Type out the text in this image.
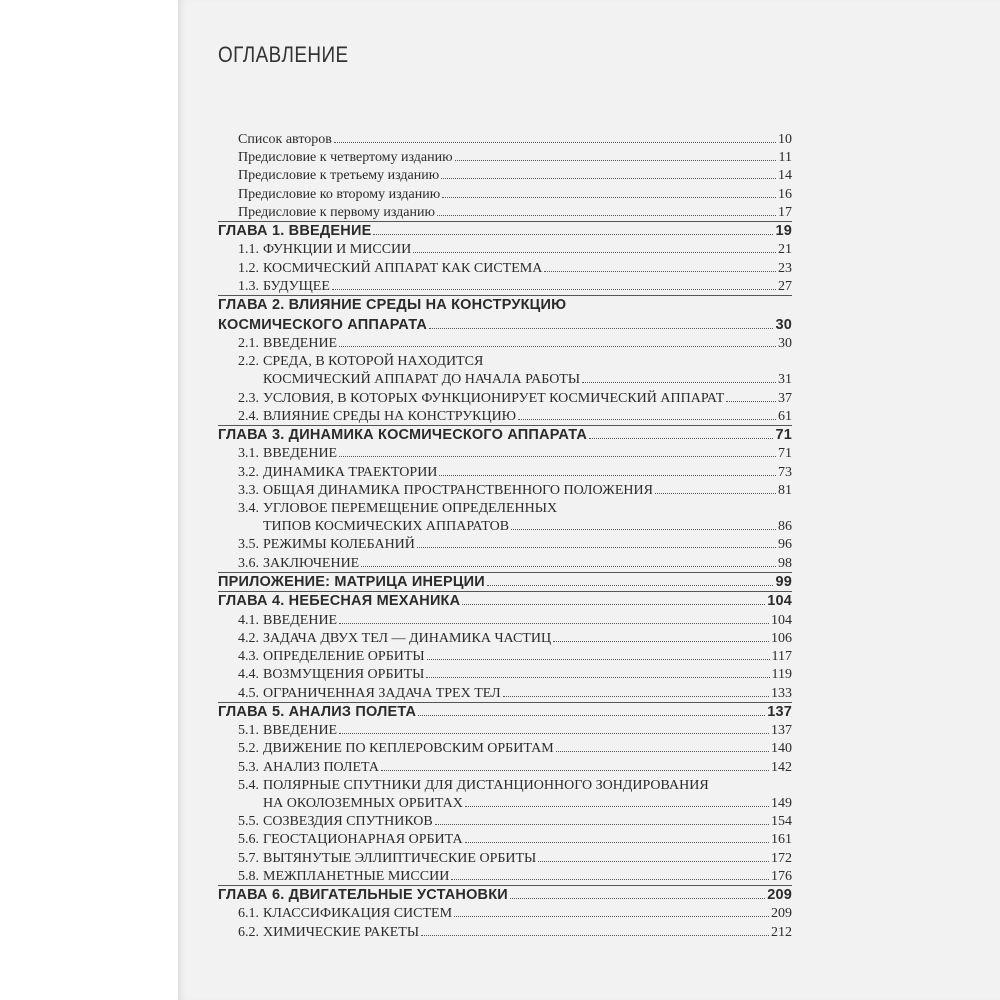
ОГЛАВЛЕНИЕ
Список авторов	10
Предисловие к четвертому изданию	11
Предисловие к третьему изданию	14
Предисловие ко второму изданию	16
Предисловие к первому изданию	17
ГЛАВА 1. ВВЕДЕНИЕ	19
1.1. ФУНКЦИИ И МИССИИ	21
1.2. КОСМИЧЕСКИЙ АППАРАТ КАК СИСТЕМА	23
1.3. БУДУЩЕЕ	27
ГЛАВА 2. ВЛИЯНИЕ СРЕДЫ НА КОНСТРУКЦИЮ
КОСМИЧЕСКОГО АППАРАТА	30
2.1. ВВЕДЕНИЕ	30
2.2. СРЕДА, В КОТОРОЙ НАХОДИТСЯ
КОСМИЧЕСКИЙ АППАРАТ ДО НАЧАЛА РАБОТЫ	31
2.3. УСЛОВИЯ, В КОТОРЫХ ФУНКЦИОНИРУЕТ КОСМИЧЕСКИЙ АППАРАТ	37
2.4. ВЛИЯНИЕ СРЕДЫ НА КОНСТРУКЦИЮ	61
ГЛАВА 3. ДИНАМИКА КОСМИЧЕСКОГО АППАРАТА	71
3.1. ВВЕДЕНИЕ	71
3.2. ДИНАМИКА ТРАЕКТОРИИ	73
3.3. ОБЩАЯ ДИНАМИКА ПРОСТРАНСТВЕННОГО ПОЛОЖЕНИЯ	81
3.4. УГЛОВОЕ ПЕРЕМЕЩЕНИЕ ОПРЕДЕЛЕННЫХ
ТИПОВ КОСМИЧЕСКИХ АППАРАТОВ	86
3.5. РЕЖИМЫ КОЛЕБАНИЙ	96
3.6. ЗАКЛЮЧЕНИЕ	98
ПРИЛОЖЕНИЕ: МАТРИЦА ИНЕРЦИИ	99
ГЛАВА 4. НЕБЕСНАЯ МЕХАНИКА	104
4.1. ВВЕДЕНИЕ	104
4.2. ЗАДАЧА ДВУХ ТЕЛ — ДИНАМИКА ЧАСТИЦ	106
4.3. ОПРЕДЕЛЕНИЕ ОРБИТЫ	117
4.4. ВОЗМУЩЕНИЯ ОРБИТЫ	119
4.5. ОГРАНИЧЕННАЯ ЗАДАЧА ТРЕХ ТЕЛ	133
ГЛАВА 5. АНАЛИЗ ПОЛЕТА	137
5.1. ВВЕДЕНИЕ	137
5.2. ДВИЖЕНИЕ ПО КЕПЛЕРОВСКИМ ОРБИТАМ	140
5.3. АНАЛИЗ ПОЛЕТА	142
5.4. ПОЛЯРНЫЕ СПУТНИКИ ДЛЯ ДИСТАНЦИОННОГО ЗОНДИРОВАНИЯ
НА ОКОЛОЗЕМНЫХ ОРБИТАХ	149
5.5. СОЗВЕЗДИЯ СПУТНИКОВ	154
5.6. ГЕОСТАЦИОНАРНАЯ ОРБИТА	161
5.7. ВЫТЯНУТЫЕ ЭЛЛИПТИЧЕСКИЕ ОРБИТЫ	172
5.8. МЕЖПЛАНЕТНЫЕ МИССИИ	176
ГЛАВА 6. ДВИГАТЕЛЬНЫЕ УСТАНОВКИ	209
6.1. КЛАССИФИКАЦИЯ СИСТЕМ	209
6.2. ХИМИЧЕСКИЕ РАКЕТЫ	212
